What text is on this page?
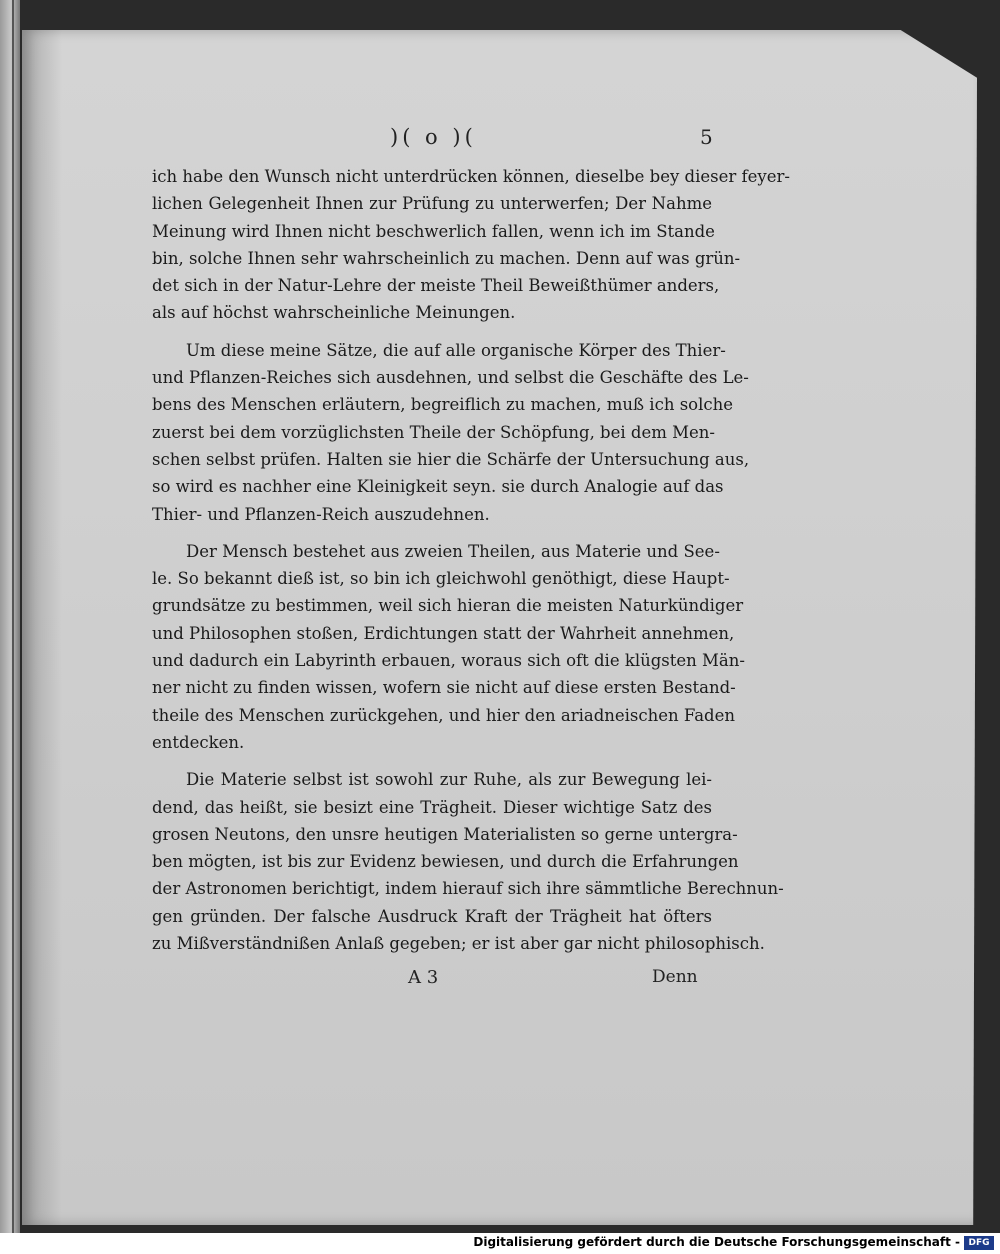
)( o )(	5

ich habe den Wunsch nicht unterdrücken können, dieselbe bey dieser feyer-

lichen Gelegenheit Ihnen zur Prüfung zu unterwerfen; Der Nahme

Meinung wird Ihnen nicht beschwerlich fallen, wenn ich im Stande

bin, solche Ihnen sehr wahrscheinlich zu machen. Denn auf was grün-

det sich in der Natur-Lehre der meiste Theil Beweißthümer anders,

als auf höchst wahrscheinliche Meinungen.

Um diese meine Sätze, die auf alle organische Körper des Thier-

und Pflanzen-Reiches sich ausdehnen, und selbst die Geschäfte des Le-

bens des Menschen erläutern, begreiflich zu machen, muß ich solche

zuerst bei dem vorzüglichsten Theile der Schöpfung, bei dem Men-

schen selbst prüfen. Halten sie hier die Schärfe der Untersuchung aus,

so wird es nachher eine Kleinigkeit seyn. sie durch Analogie auf das

Thier- und Pflanzen-Reich auszudehnen.

Der Mensch bestehet aus zweien Theilen, aus Materie und See-

le. So bekannt dieß ist, so bin ich gleichwohl genöthigt, diese Haupt-

grundsätze zu bestimmen, weil sich hieran die meisten Naturkündiger

und Philosophen stoßen, Erdichtungen statt der Wahrheit annehmen,

und dadurch ein Labyrinth erbauen, woraus sich oft die klügsten Män-

ner nicht zu finden wissen, wofern sie nicht auf diese ersten Bestand-

theile des Menschen zurückgehen, und hier den ariadneischen Faden

entdecken.

Die Materie selbst ist sowohl zur Ruhe, als zur Bewegung lei-

dend, das heißt, sie besizt eine Trägheit. Dieser wichtige Satz des

grosen Neutons, den unsre heutigen Materialisten so gerne untergra-

ben mögten, ist bis zur Evidenz bewiesen, und durch die Erfahrungen

der Astronomen berichtigt, indem hierauf sich ihre sämmtliche Berechnun-

gen gründen. Der falsche Ausdruck Kraft der Trägheit hat öfters

zu Mißverständnißen Anlaß gegeben; er ist aber gar nicht philosophisch.

A 3	Denn
Digitalisierung gefördert durch die Deutsche Forschungsgemeinschaft - DFG
